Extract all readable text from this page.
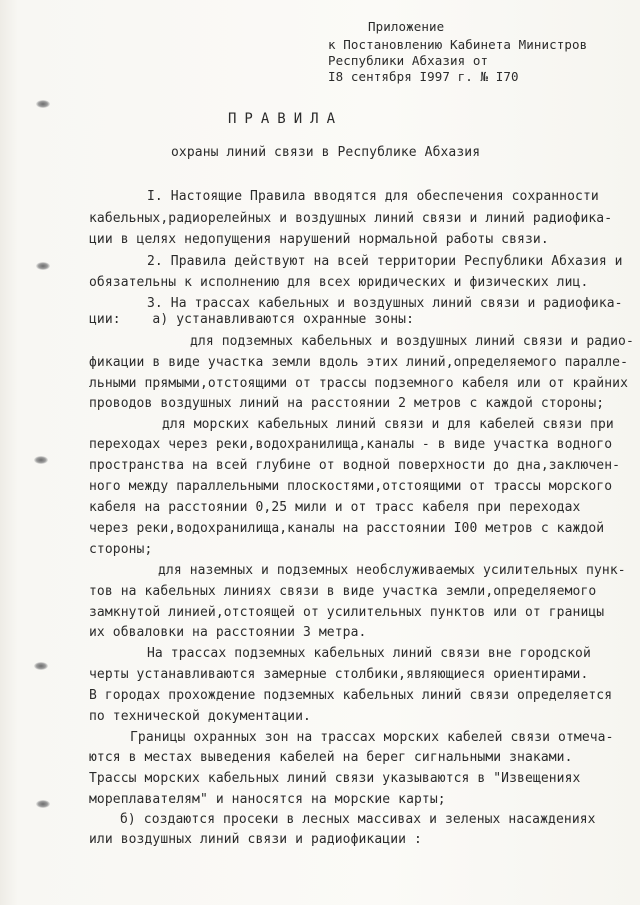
Приложение
к Постановлению Кабинета Министров
Республики Абхазия от
I8 сентября I997 г. № I70
ПРАВИЛА
охраны линий связи в Республике Абхазия
I. Настоящие Правила вводятся для обеспечения сохранности
кабельных,радиорелейных и воздушных линий связи и линий радиофика-
ции в целях недопущения нарушений нормальной работы связи.
2. Правила действуют на всей территории Республики Абхазия и
обязательны к исполнению для всех юридических и физических лиц.
3. На трассах кабельных и воздушных линий связи и радиофика-
ции:    а) устанавливаются охранные зоны:
для подземных кабельных и воздушных линий связи и радио-
фикации в виде участка земли вдоль этих линий,определяемого паралле-
льными прямыми,отстоящими от трассы подземного кабеля или от крайних
проводов воздушных линий на расстоянии 2 метров с каждой стороны;
для морских кабельных линий связи и для кабелей связи при
переходах через реки,водохранилища,каналы - в виде участка водного
пространства на всей глубине от водной поверхности до дна,заключен-
ного между параллельными плоскостями,отстоящими от трассы морского
кабеля на расстоянии 0,25 мили и от трасс кабеля при переходах
через реки,водохранилища,каналы на расстоянии I00 метров с каждой
стороны;
для наземных и подземных необслуживаемых усилительных пунк-
тов на кабельных линиях связи в виде участка земли,определяемого
замкнутой линией,отстоящей от усилительных пунктов или от границы
их обваловки на расстоянии 3 метра.
На трассах подземных кабельных линий связи вне городской
черты устанавливаются замерные столбики,являющиеся ориентирами.
В городах прохождение подземных кабельных линий связи определяется
по технической документации.
Границы охранных зон на трассах морских кабелей связи отмеча-
ются в местах выведения кабелей на берег сигнальными знаками.
Трассы морских кабельных линий связи указываются в "Извещениях
мореплавателям" и наносятся на морские карты;
б) создаются просеки в лесных массивах и зеленых насаждениях
или воздушных линий связи и радиофикации :
